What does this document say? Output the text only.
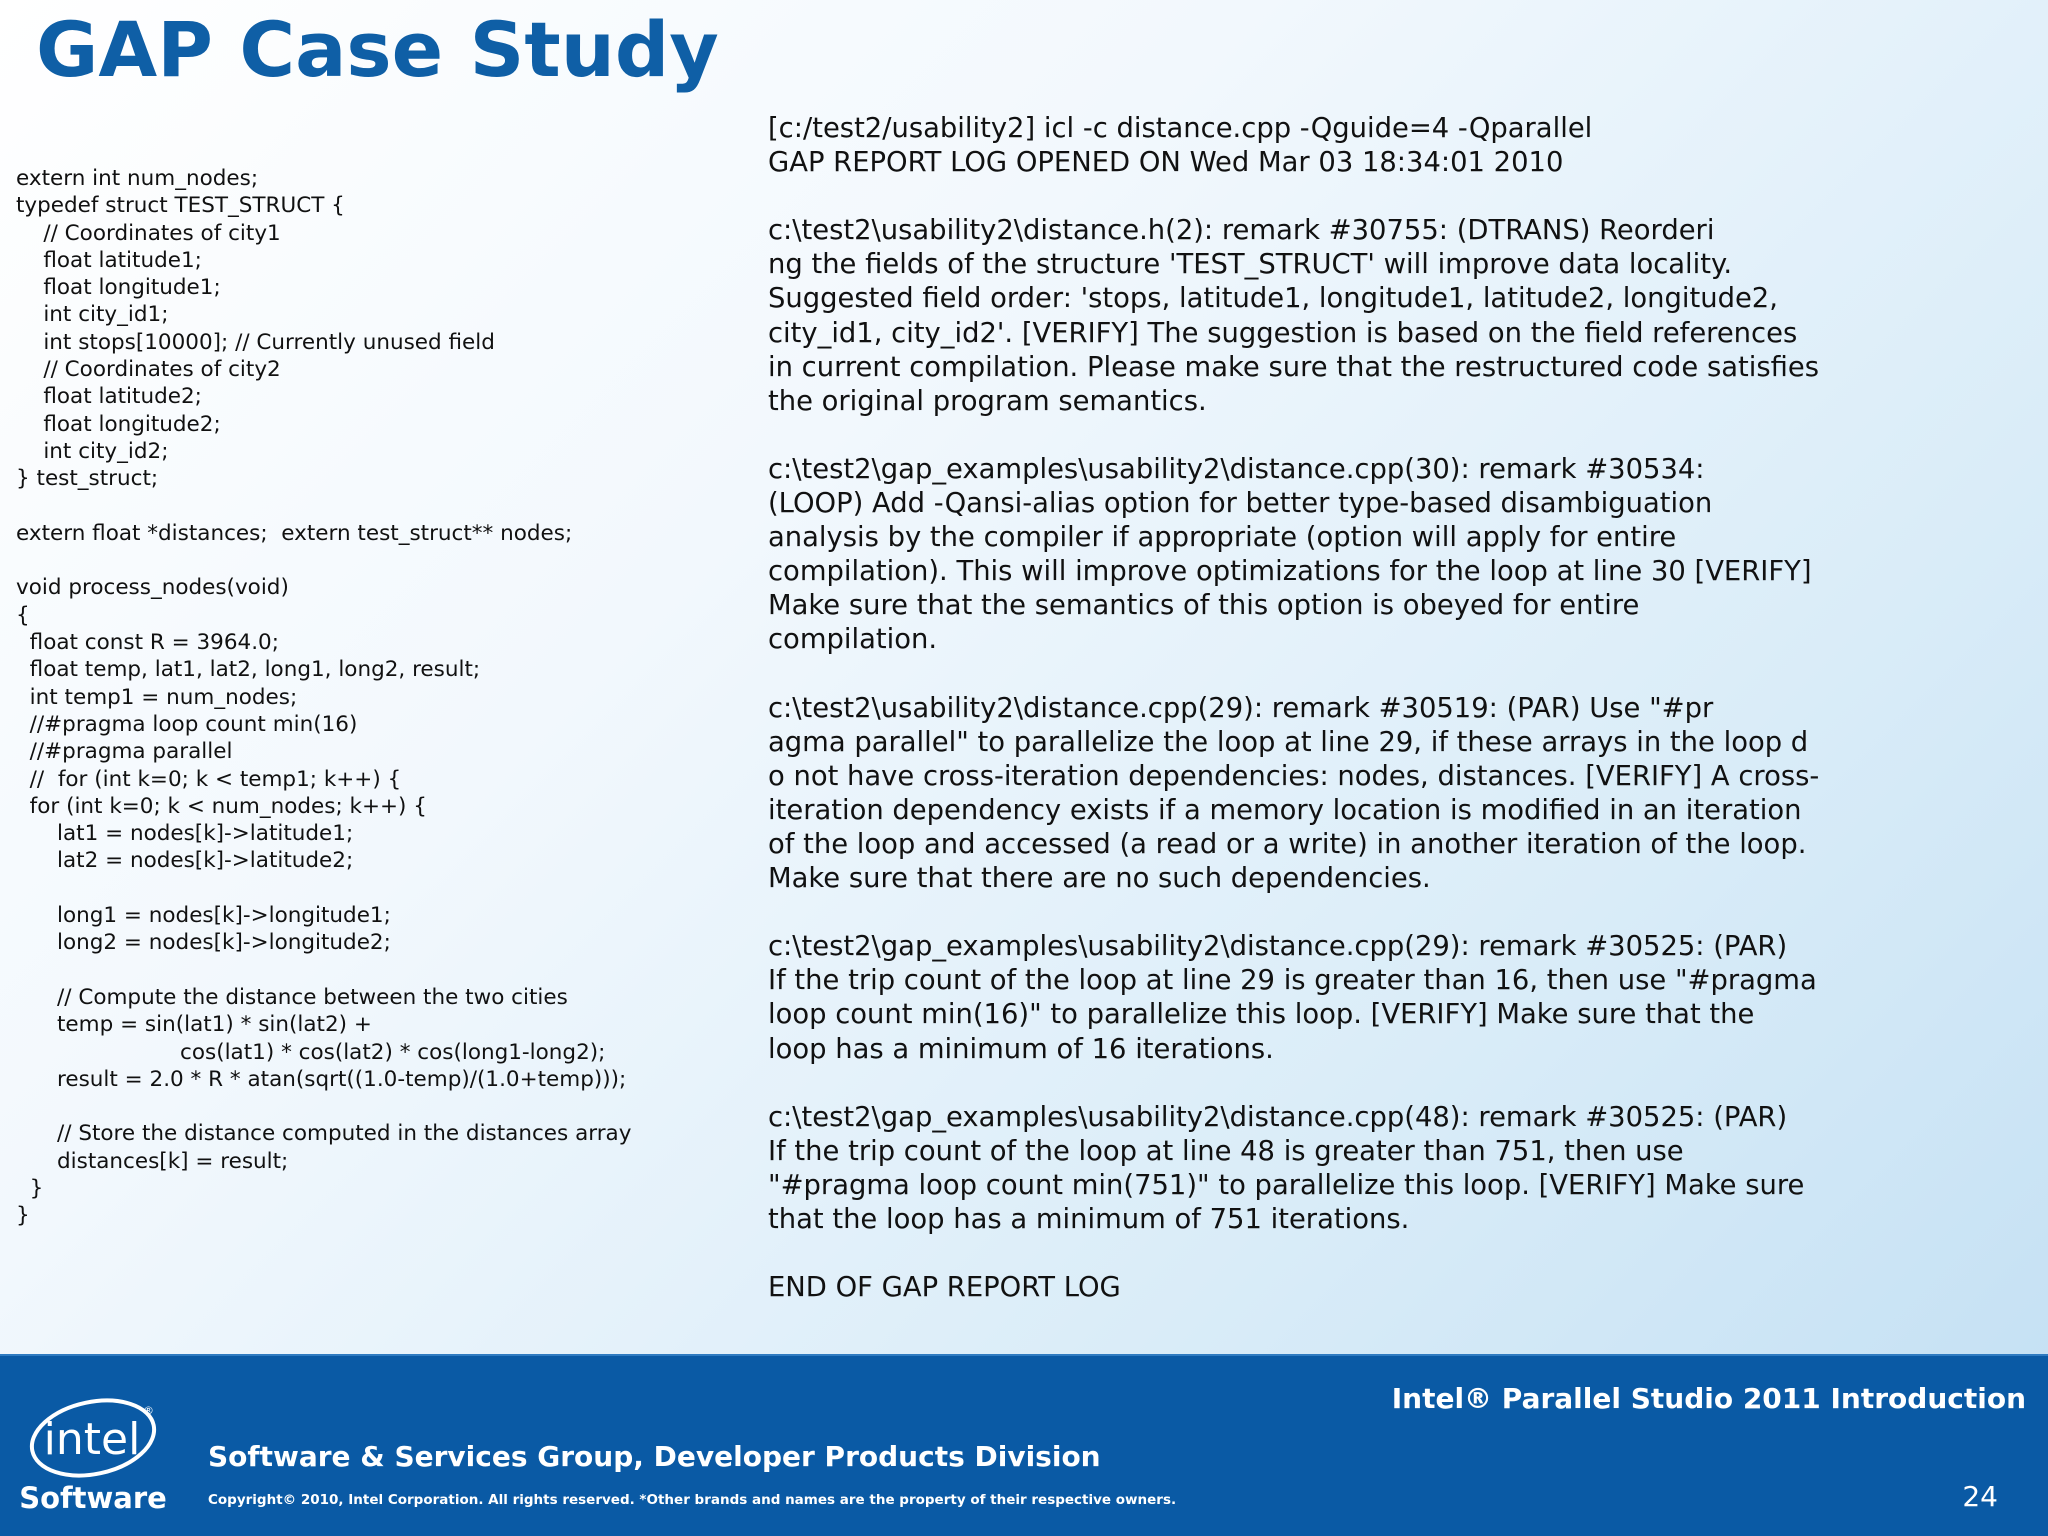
GAP Case Study
extern int num_nodes;
typedef struct TEST_STRUCT {
// Coordinates of city1
float latitude1;
float longitude1;
int city_id1;
int stops[10000]; // Currently unused field
// Coordinates of city2
float latitude2;
float longitude2;
int city_id2;
} test_struct;
extern float *distances;  extern test_struct** nodes;
void process_nodes(void)
{
float const R = 3964.0;
float temp, lat1, lat2, long1, long2, result;
int temp1 = num_nodes;
//#pragma loop count min(16)
//#pragma parallel
//  for (int k=0; k < temp1; k++) {
for (int k=0; k < num_nodes; k++) {
lat1 = nodes[k]->latitude1;
lat2 = nodes[k]->latitude2;
long1 = nodes[k]->longitude1;
long2 = nodes[k]->longitude2;
// Compute the distance between the two cities
temp = sin(lat1) * sin(lat2) +
cos(lat1) * cos(lat2) * cos(long1-long2);
result = 2.0 * R * atan(sqrt((1.0-temp)/(1.0+temp)));
// Store the distance computed in the distances array
distances[k] = result;
}
}
[c:/test2/usability2] icl -c distance.cpp -Qguide=4 -Qparallel
GAP REPORT LOG OPENED ON Wed Mar 03 18:34:01 2010
c:\test2\usability2\distance.h(2): remark #30755: (DTRANS) Reorderi
ng the fields of the structure 'TEST_STRUCT' will improve data locality.
Suggested field order: 'stops, latitude1, longitude1, latitude2, longitude2,
city_id1, city_id2'. [VERIFY] The suggestion is based on the field references
in current compilation. Please make sure that the restructured code satisfies
the original program semantics.
c:\test2\gap_examples\usability2\distance.cpp(30): remark #30534:
(LOOP) Add -Qansi-alias option for better type-based disambiguation
analysis by the compiler if appropriate (option will apply for entire
compilation). This will improve optimizations for the loop at line 30 [VERIFY]
Make sure that the semantics of this option is obeyed for entire
compilation.
c:\test2\usability2\distance.cpp(29): remark #30519: (PAR) Use "#pr
agma parallel" to parallelize the loop at line 29, if these arrays in the loop d
o not have cross-iteration dependencies: nodes, distances. [VERIFY] A cross-
iteration dependency exists if a memory location is modified in an iteration
of the loop and accessed (a read or a write) in another iteration of the loop.
Make sure that there are no such dependencies.
c:\test2\gap_examples\usability2\distance.cpp(29): remark #30525: (PAR)
If the trip count of the loop at line 29 is greater than 16, then use "#pragma
loop count min(16)" to parallelize this loop. [VERIFY] Make sure that the
loop has a minimum of 16 iterations.
c:\test2\gap_examples\usability2\distance.cpp(48): remark #30525: (PAR)
If the trip count of the loop at line 48 is greater than 751, then use
"#pragma loop count min(751)" to parallelize this loop. [VERIFY] Make sure
that the loop has a minimum of 751 iterations.
END OF GAP REPORT LOG
intel
®
Software
Intel® Parallel Studio 2011 Introduction
Software & Services Group, Developer Products Division
Copyright© 2010, Intel Corporation. All rights reserved. *Other brands and names are the property of their respective owners.	24
